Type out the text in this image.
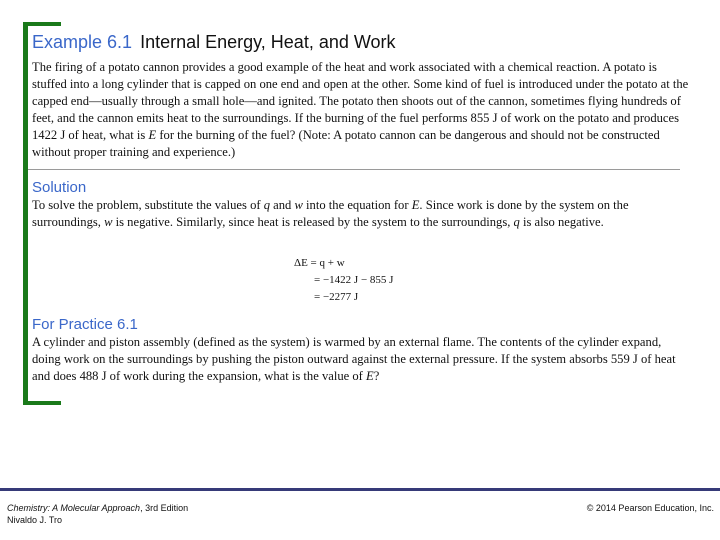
Example 6.1 Internal Energy, Heat, and Work
The firing of a potato cannon provides a good example of the heat and work associated with a chemical reaction. A potato is stuffed into a long cylinder that is capped on one end and open at the other. Some kind of fuel is introduced under the potato at the capped end—usually through a small hole—and ignited. The potato then shoots out of the cannon, sometimes flying hundreds of feet, and the cannon emits heat to the surroundings. If the burning of the fuel performs 855 J of work on the potato and produces 1422 J of heat, what is E for the burning of the fuel? (Note: A potato cannon can be dangerous and should not be constructed without proper training and experience.)
Solution
To solve the problem, substitute the values of q and w into the equation for E. Since work is done by the system on the surroundings, w is negative. Similarly, since heat is released by the system to the surroundings, q is also negative.
ΔE = q + w
= −1422 J − 855 J
= −2277 J
For Practice 6.1
A cylinder and piston assembly (defined as the system) is warmed by an external flame. The contents of the cylinder expand, doing work on the surroundings by pushing the piston outward against the external pressure. If the system absorbs 559 J of heat and does 488 J of work during the expansion, what is the value of E?
Chemistry: A Molecular Approach, 3rd Edition
Nivaldo J. Tro
© 2014 Pearson Education, Inc.
